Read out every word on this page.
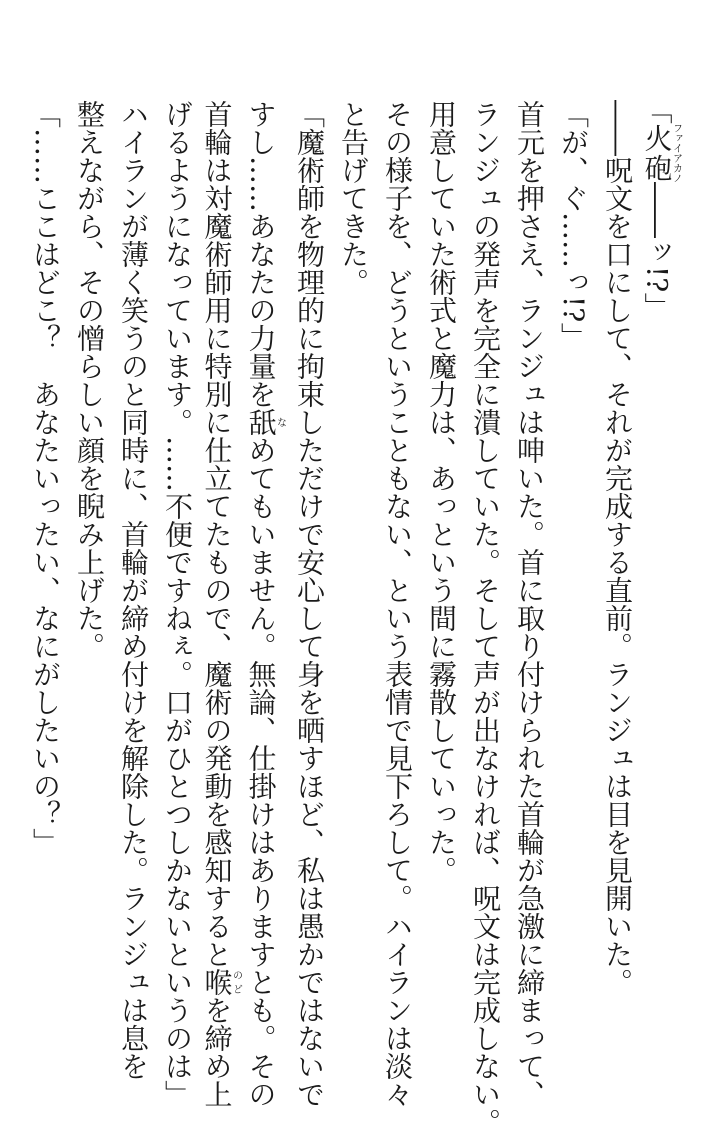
「火砲ファイアカノ――ッ!?」
――呪文を口にして、それが完成する直前。ランジュは目を見開いた。
「が、ぐ……っ!?」
首元を押さえ、ランジュは呻いた。首に取り付けられた首輪が急激に締まって、
ランジュの発声を完全に潰していた。そして声が出なければ、呪文は完成しない。
用意していた術式と魔力は、あっという間に霧散していった。
その様子を、どうということもない、という表情で見下ろして。ハイランは淡々
と告げてきた。
「魔術師を物理的に拘束しただけで安心して身を晒すほど、私は愚かではないで
すし……あなたの力量を舐なめてもいません。無論、仕掛けはありますとも。その
首輪は対魔術師用に特別に仕立てたもので、魔術の発動を感知すると喉のどを締め上
げるようになっています。……不便ですねぇ。口がひとつしかないというのは」
ハイランが薄く笑うのと同時に、首輪が締め付けを解除した。ランジュは息を
整えながら、その憎らしい顔を睨み上げた。
「……ここはどこ？　あなたいったい、なにがしたいの？」
